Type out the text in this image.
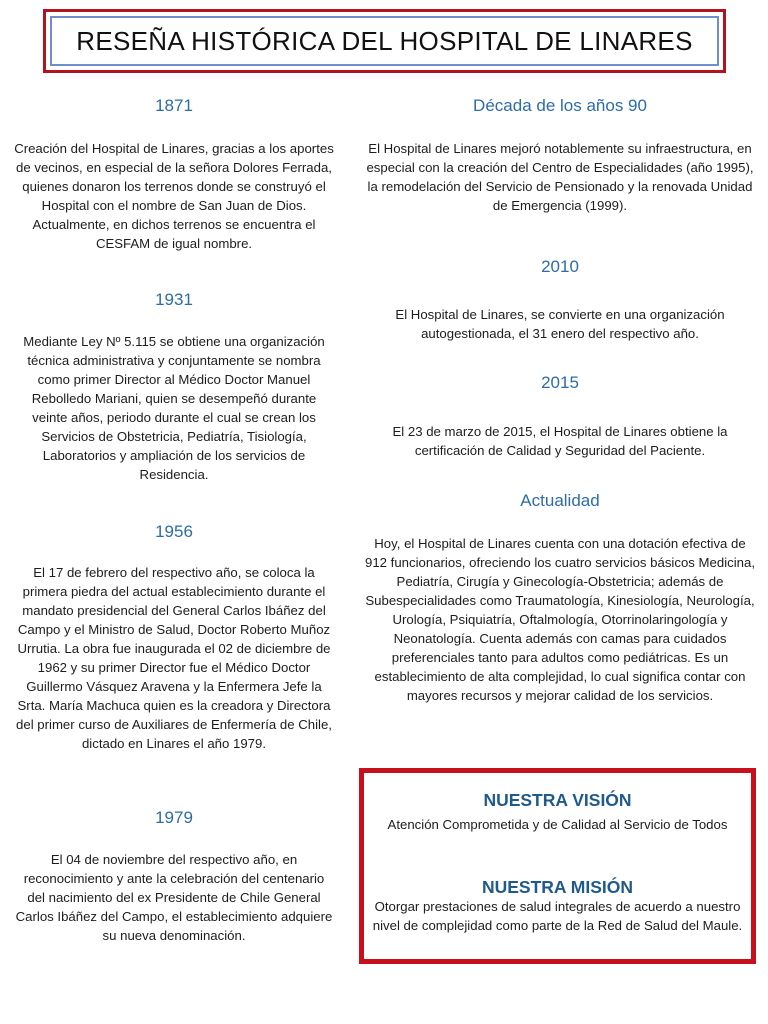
RESEÑA HISTÓRICA DEL HOSPITAL DE LINARES
1871
Creación del Hospital de Linares, gracias a los aportes de vecinos, en especial de la señora Dolores Ferrada, quienes donaron los terrenos donde se construyó el Hospital con el nombre de San Juan de Dios. Actualmente, en dichos terrenos se encuentra el CESFAM de igual nombre.
1931
Mediante Ley Nº 5.115 se obtiene una organización técnica administrativa y conjuntamente se nombra como primer Director al Médico Doctor Manuel Rebolledo Mariani, quien se desempeñó durante veinte años, periodo durante el cual se crean los Servicios de Obstetricia, Pediatría, Tisiología, Laboratorios y ampliación de los servicios de Residencia.
1956
El 17 de febrero del respectivo año, se coloca la primera piedra del actual establecimiento durante el mandato presidencial del General Carlos Ibáñez del Campo y el Ministro de Salud, Doctor Roberto Muñoz Urrutia. La obra fue inaugurada el 02 de diciembre de 1962 y su primer Director fue el Médico Doctor Guillermo Vásquez Aravena y la Enfermera Jefe la Srta. María Machuca quien es la creadora y Directora del primer curso de Auxiliares de Enfermería de Chile, dictado en Linares el año 1979.
1979
El 04 de noviembre del respectivo año, en reconocimiento y ante la celebración del centenario del nacimiento del ex Presidente de Chile General Carlos Ibáñez del Campo, el establecimiento adquiere su nueva denominación.
Década de los años 90
El Hospital de Linares mejoró notablemente su infraestructura, en especial con la creación del Centro de Especialidades (año 1995), la remodelación del Servicio de Pensionado y la renovada Unidad de Emergencia (1999).
2010
El Hospital de Linares, se convierte en una organización autogestionada, el 31 enero del respectivo año.
2015
El 23 de marzo de 2015, el Hospital de Linares obtiene la certificación de Calidad y Seguridad del Paciente.
Actualidad
Hoy, el Hospital de Linares cuenta con una dotación efectiva de 912 funcionarios, ofreciendo los cuatro servicios básicos Medicina, Pediatría, Cirugía y Ginecología-Obstetricia; además de Subespecialidades como Traumatología, Kinesiología, Neurología, Urología, Psiquiatría, Oftalmología, Otorrinolaringología y Neonatología. Cuenta además con camas para cuidados preferenciales tanto para adultos como pediátricas. Es un establecimiento de alta complejidad, lo cual significa contar con mayores recursos y mejorar calidad de los servicios.
NUESTRA VISIÓN
Atención Comprometida y de Calidad al Servicio de Todos
NUESTRA MISIÓN
Otorgar prestaciones de salud integrales de acuerdo a nuestro nivel de complejidad como parte de la Red de Salud del Maule.
